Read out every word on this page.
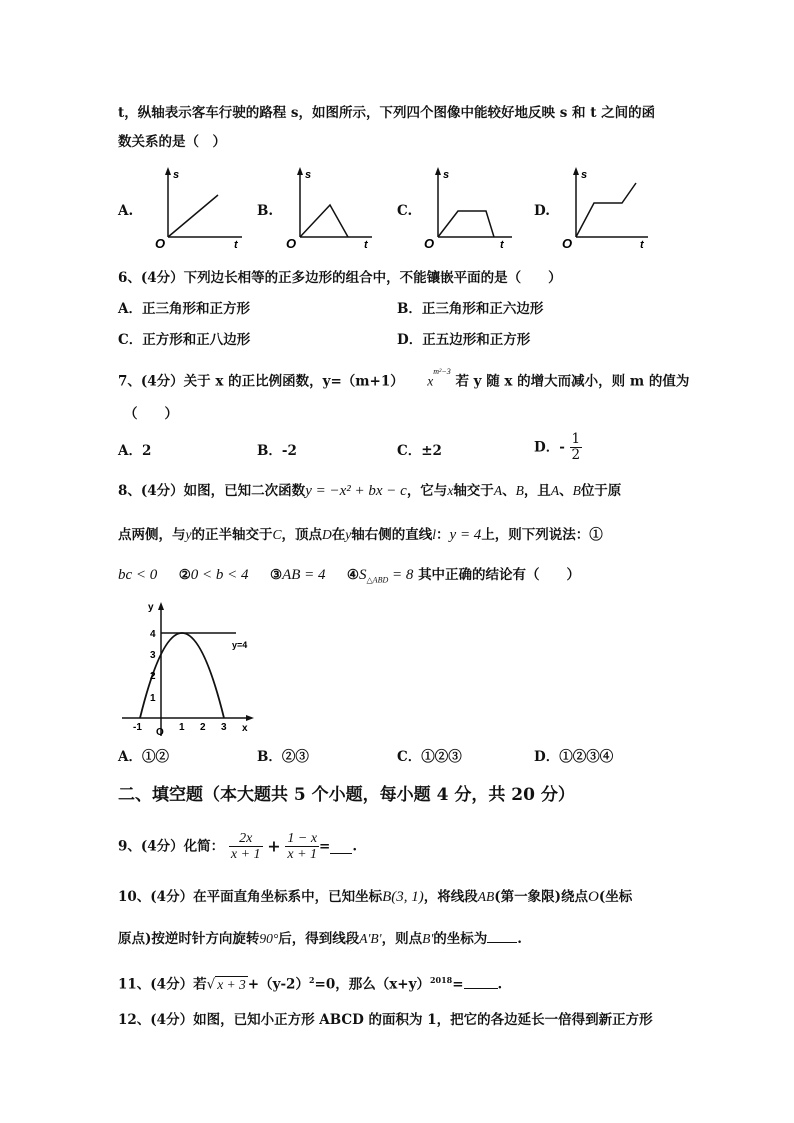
t，纵轴表示客车行驶的路程 s，如图所示，下列四个图像中能较好地反映 s 和 t 之间的函
数关系的是（　）
A.
s
t
O
B.
s
t
O
C.
s
t
O
D.
s
t
O
6、(4分）下列边长相等的正多边形的组合中，不能镶嵌平面的是（　　）
A．正三角形和正方形	B．正三角形和正六边形
C．正方形和正八边形	D．正五边形和正方形
7、(4分）关于 x 的正比例函数，y=（m+1） $x^{m^2-3}$ 若 y 随 x 的增大而减小，则 m 的值为
（　　）
A．2	B．-2	C．±2	D．- $\frac{1}{2}$
8、(4分）如图，已知二次函数y = −x² + bx − c，它与x轴交于A、B，且A、B位于原
点两侧，与y的正半轴交于C，顶点D在y轴右侧的直线l：y = 4上，则下列说法：①
bc < 0 ②0 < b < 4 ③AB = 4 $④S_{\triangle ABD} = 8$ 其中正确的结论有（　　）
y
x
O
y=4
4
3
2
1
-1	1 2 3
A．①②	B．②③	C．①②③	D．①②③④
二、填空题（本大题共 5 个小题，每小题 4 分，共 20 分）
9、(4分）化简： $\frac{2x}{x + 1} + \frac{1 - x}{x + 1}$ = .
10、(4分）在平面直角坐标系中，已知坐标B(3, 1)，将线段AB(第一象限)绕点O(坐标
原点)按逆时针方向旋转90°后，得到线段A'B'，则点B'的坐标为 .
11、(4分）若√ $x + 3 +(y-2)^2=0$，那么$(x+y)^{2018}=$	.
12、(4分）如图，已知小正方形 ABCD 的面积为 1，把它的各边延长一倍得到新正方形
